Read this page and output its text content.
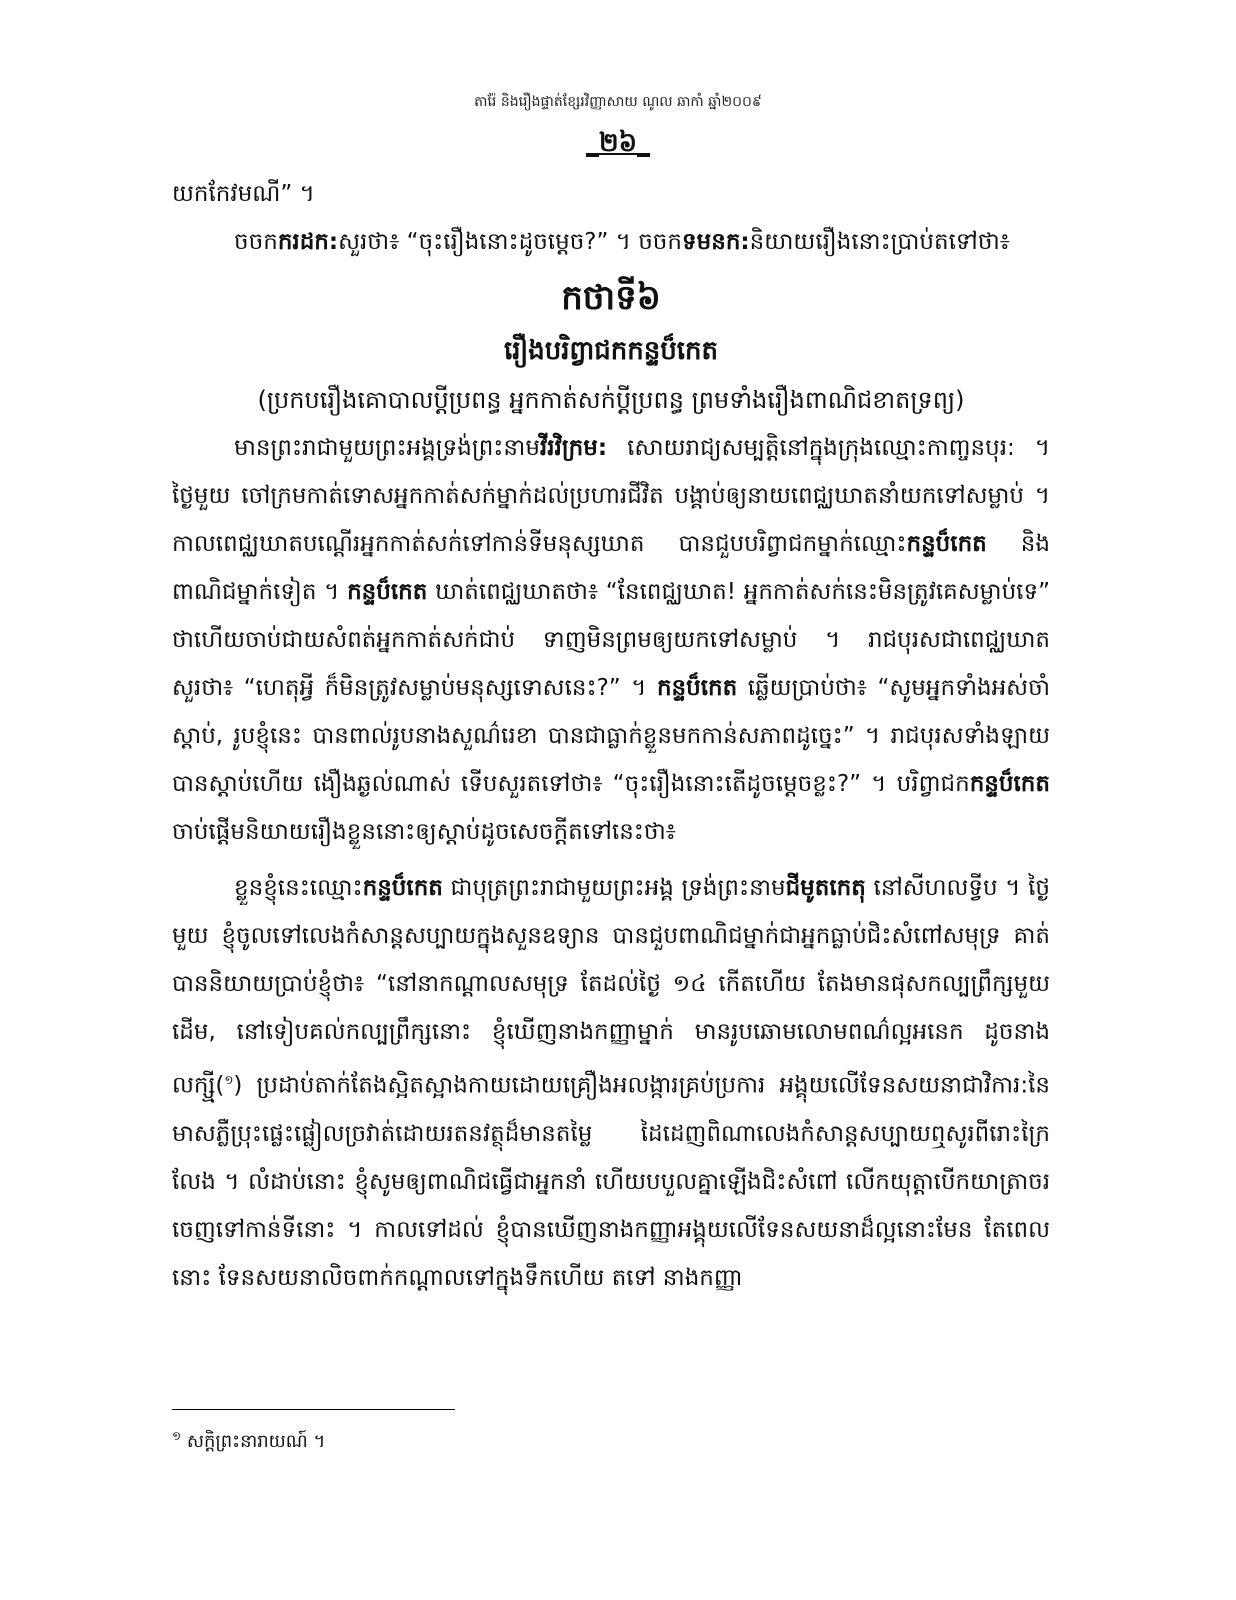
តារ៉ែ និងរឿងផ្ទាត់ខ្សែរវិញ្ញាសាយ ណូល ឆាកាំ ឆ្នាំ២០០៩
_២៦_

យកកែវមណី” ។

ចចកករដក:សួរថា៖ “ចុះរឿងនោះដូចម្តេច?” ។ ចចកទមនក:និយាយរឿងនោះប្រាប់តទៅថា៖

កថាទី៦

រឿងបរិព្វាជកកន្ទប៏កេត

(ប្រកបរឿងគោបាលប្តីប្រពន្ធ អ្នកកាត់សក់ប្តីប្រពន្ធ ព្រមទាំងរឿងពាណិជខាតទ្រព្យ)

មានព្រះរាជាមួយព្រះអង្គទ្រង់ព្រះនាមវីរវិក្រម: សោយរាជ្យសម្បត្តិនៅក្នុងក្រុងឈ្មោះកាញ្ចនបុរ: ។ ថ្ងៃមួយ ចៅក្រមកាត់ទោសអ្នកកាត់សក់ម្នាក់ដល់ប្រហារជីវិត បង្គាប់ឲ្យនាយពេជ្ឈឃាតនាំយកទៅសម្លាប់ ។ កាលពេជ្ឈឃាតបណ្តើរអ្នកកាត់សក់ទៅកាន់ទីមនុស្សឃាត បានជួបបរិព្វាជកម្នាក់ឈ្មោះកន្ទប៏កេត និងពាណិជម្នាក់ទៀត ។ កន្ទប៏កេត ឃាត់ពេជ្ឈឃាតថា៖ “នែពេជ្ឈឃាត! អ្នកកាត់សក់នេះមិនត្រូវគេសម្លាប់ទេ” ថាហើយចាប់ជាយសំពត់អ្នកកាត់សក់ជាប់ ទាញមិនព្រមឲ្យយកទៅសម្លាប់ ។ រាជបុរសជាពេជ្ឈឃាតសួរថា៖ “ហេតុអ្វី ក៏មិនត្រូវសម្លាប់មនុស្សទោសនេះ?” ។ កន្ទប៏កេត ឆ្លើយប្រាប់ថា៖ “សូមអ្នកទាំងអស់ចាំស្តាប់, រូបខ្ញុំនេះ បានពាល់រូបនាងសួណ៌រេខា បានជាធ្លាក់ខ្លួនមកកាន់សភាពដូច្នេះ” ។ រាជបុរសទាំងឡាយបានស្តាប់ហើយ ងឿងឆ្ងល់ណាស់ ទើបសួរតទៅថា៖ “ចុះរឿងនោះតើដូចម្តេចខ្លះ?” ។ បរិព្វាជកកន្ទប៏កេត ចាប់ផ្តើមនិយាយរឿងខ្លួននោះឲ្យស្តាប់ដូចសេចក្តីតទៅនេះថា៖

ខ្លួនខ្ញុំនេះឈ្មោះកន្ទប៏កេត ជាបុត្រព្រះរាជាមួយព្រះអង្គ ទ្រង់ព្រះនាមជីមូតកេតុ នៅសីហលទ្វីប ។ ថ្ងៃមួយ ខ្ញុំចូលទៅលេងកំសាន្តសប្បាយក្នុងសួនឧទ្យាន បានជួបពាណិជម្នាក់ជាអ្នកធ្លាប់ជិះសំពៅសមុទ្រ គាត់បាននិយាយប្រាប់ខ្ញុំថា៖ “នៅនាកណ្តាលសមុទ្រ តែដល់ថ្ងៃ ១៤ កើតហើយ តែងមានផុសកល្បព្រឹក្សមួយដើម, នៅទៀបគល់កល្បព្រឹក្សនោះ ខ្ញុំឃើញនាងកញ្ញាម្នាក់ មានរូបឆោមលោមពណ៌ល្អអនេក ដូចនាងលក្ស្មី($^១$) ប្រដាប់តាក់តែងស្អិតស្អាងកាយដោយគ្រឿងអលង្ការគ្រប់ប្រការ អង្គុយលើទែនសយនាជាវិការ:នៃមាសភ្លឺប្រុះផ្លេះផ្លៀលច្រវាត់ដោយរតនវត្ថុដ៏មានតម្លៃ ដៃដេញពិណាលេងកំសាន្តសប្បាយឮសូរពីរោះក្រៃលែង ។ លំដាប់នោះ ខ្ញុំសូមឲ្យពាណិជធ្វើជាអ្នកនាំ ហើយបបួលគ្នាឡើងជិះសំពៅ លើកយុត្តាបើកយាត្រាចរចេញទៅកាន់ទីនោះ ។ កាលទៅដល់ ខ្ញុំបានឃើញនាងកញ្ញាអង្គុយលើទែនសយនាដ៏ល្អនោះមែន តែពេលនោះ ទែនសយនាលិចពាក់កណ្តាលទៅក្នុងទឹកហើយ តទៅ នាងកញ្ញា

$^១$ សក្តិព្រះនារាយណ៍ ។
